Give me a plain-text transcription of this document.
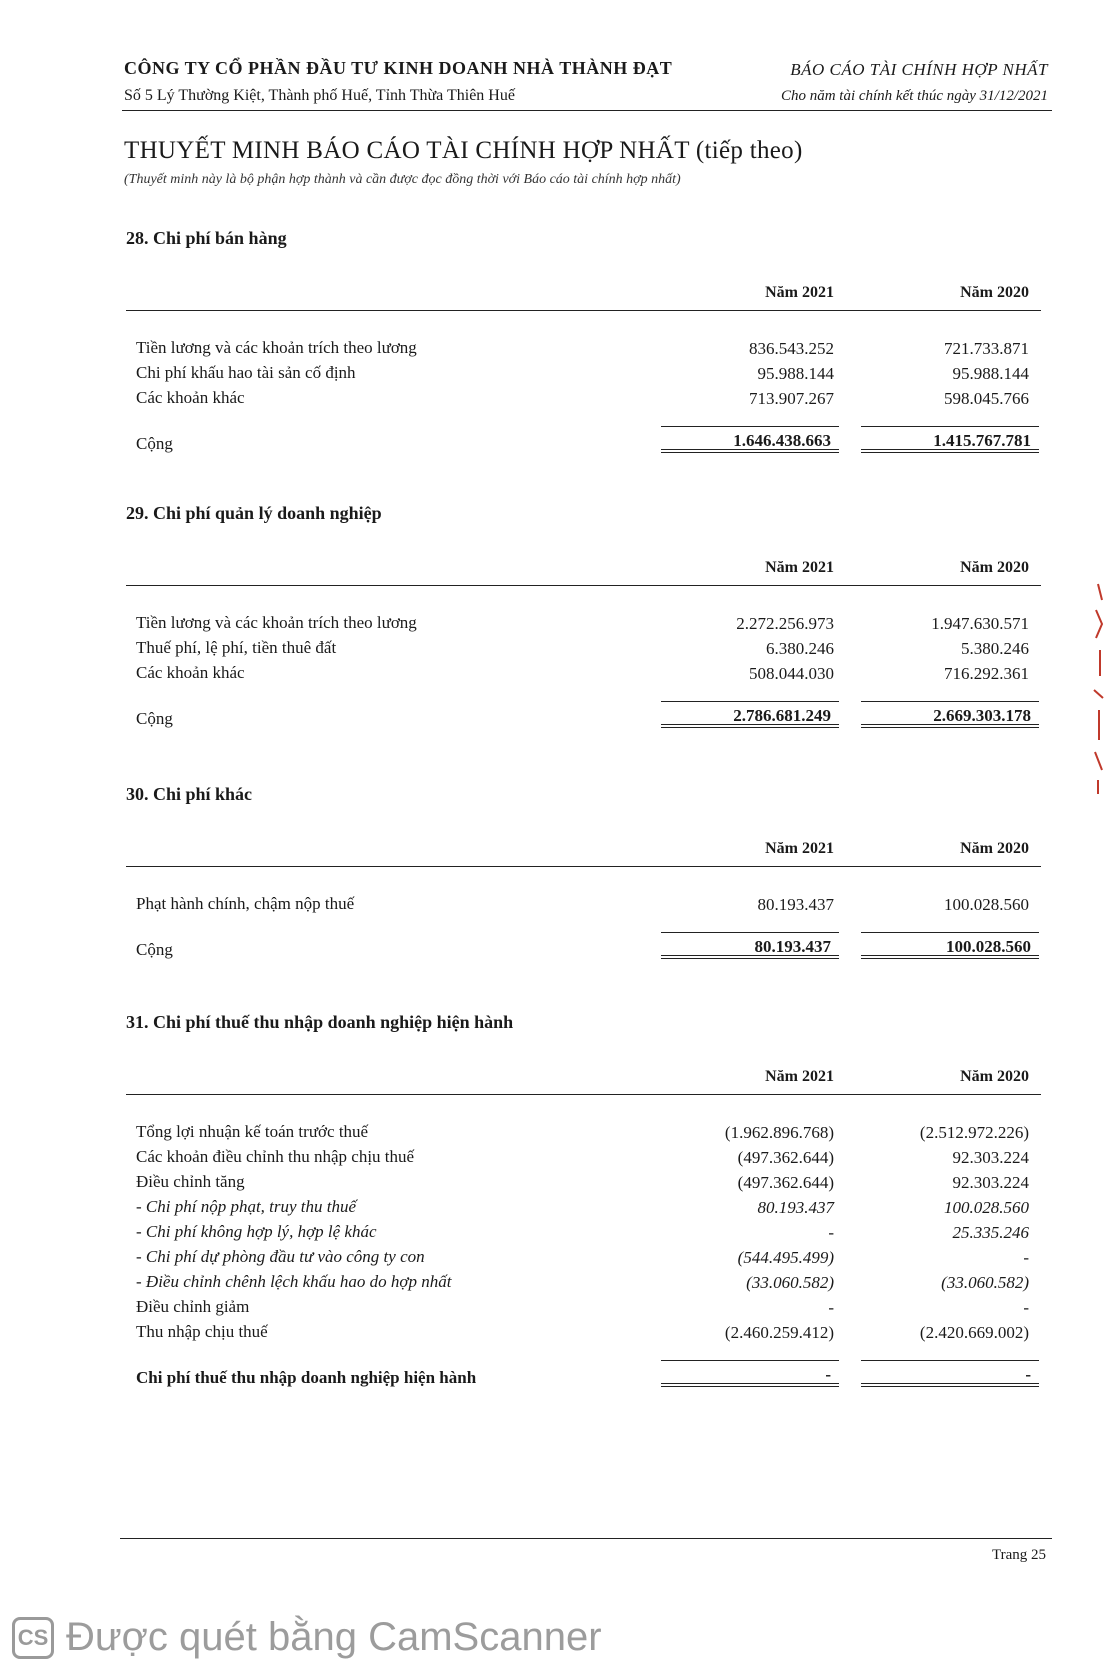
CÔNG TY CỔ PHẦN ĐẦU TƯ KINH DOANH NHÀ THÀNH ĐẠT	BÁO CÁO TÀI CHÍNH HỢP NHẤT
Số 5 Lý Thường Kiệt, Thành phố Huế, Tỉnh Thừa Thiên Huế	Cho năm tài chính kết thúc ngày 31/12/2021
THUYẾT MINH BÁO CÁO TÀI CHÍNH HỢP NHẤT (tiếp theo)
(Thuyết minh này là bộ phận hợp thành và cần được đọc đồng thời với Báo cáo tài chính hợp nhất)
28. Chi phí bán hàng
Năm 2021	Năm 2020
Tiền lương và các khoản trích theo lương	836.543.252	721.733.871
Chi phí khấu hao tài sản cố định	95.988.144	95.988.144
Các khoản khác	713.907.267	598.045.766
Cộng	1.646.438.663	1.415.767.781
29. Chi phí quản lý doanh nghiệp
Năm 2021	Năm 2020
Tiền lương và các khoản trích theo lương	2.272.256.973	1.947.630.571
Thuế phí, lệ phí, tiền thuê đất	6.380.246	5.380.246
Các khoản khác	508.044.030	716.292.361
Cộng	2.786.681.249	2.669.303.178
30. Chi phí khác
Năm 2021	Năm 2020
Phạt hành chính, chậm nộp thuế	80.193.437	100.028.560
Cộng	80.193.437	100.028.560
31. Chi phí thuế thu nhập doanh nghiệp hiện hành
Năm 2021	Năm 2020
Tổng lợi nhuận kế toán trước thuế	(1.962.896.768)	(2.512.972.226)
Các khoản điều chỉnh thu nhập chịu thuế	(497.362.644)	92.303.224
Điều chỉnh tăng	(497.362.644)	92.303.224
- Chi phí nộp phạt, truy thu thuế	80.193.437	100.028.560
- Chi phí không hợp lý, hợp lệ khác	-	25.335.246
- Chi phí dự phòng đầu tư vào công ty con	(544.495.499)	-
- Điều chỉnh chênh lệch khấu hao do hợp nhất	(33.060.582)	(33.060.582)
Điều chỉnh giảm	-	-
Thu nhập chịu thuế	(2.460.259.412)	(2.420.669.002)
Chi phí thuế thu nhập doanh nghiệp hiện hành	-	-
Trang 25
CS Được quét bằng CamScanner
